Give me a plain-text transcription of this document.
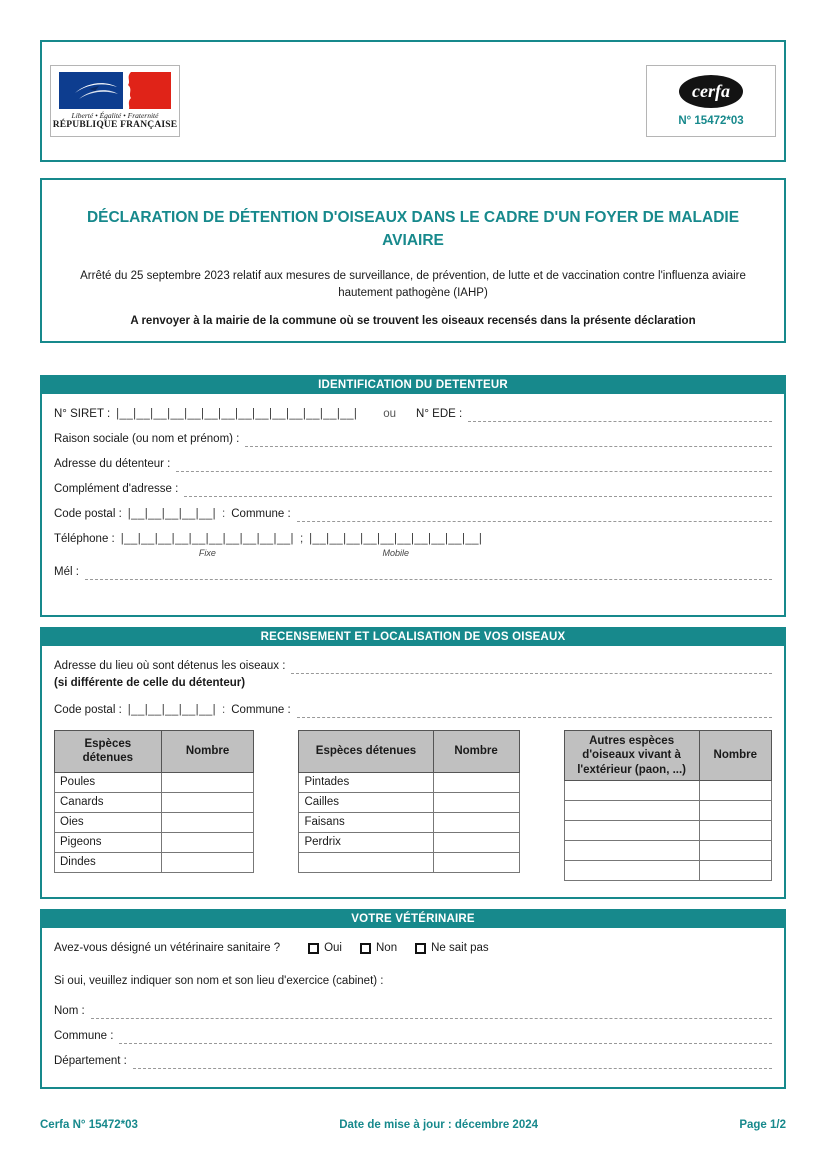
Liberté • Égalité • Fraternité
RÉPUBLIQUE FRANÇAISE
cerfa
N° 15472*03
DÉCLARATION DE DÉTENTION D'OISEAUX DANS LE CADRE D'UN FOYER DE MALADIE AVIAIRE
Arrêté du 25 septembre 2023 relatif aux mesures de surveillance, de prévention, de lutte et de vaccination contre l'influenza aviaire hautement pathogène (IAHP)
A renvoyer à la mairie de la commune où se trouvent les oiseaux recensés dans la présente déclaration
IDENTIFICATION DU DETENTEUR
N° SIRET : |__|__|__|__|__|__|__|__|__|__|__|__|__|__| ou N° EDE :
Raison sociale (ou nom et prénom) :
Adresse du détenteur :
Complément d'adresse :
Code postal : |__|__|__|__|__| : Commune :
Téléphone : |__|__|__|__|__|__|__|__|__|__|
Fixe
; |__|__|__|__|__|__|__|__|__|__|
Mobile
Mél :
RECENSEMENT ET LOCALISATION DE VOS OISEAUX
Adresse du lieu où sont détenus les oiseaux :
(si différente de celle du détenteur)
Code postal : |__|__|__|__|__| : Commune :
Espèces détenues	Nombre
Poules	
Canards	
Oies	
Pigeons	
Dindes	
Espèces détenues	Nombre
Pintades	
Cailles	
Faisans	
Perdrix	

Autres espèces d'oiseaux vivant à l'extérieur (paon, ...)	Nombre

VOTRE VÉTÉRINAIRE
Avez-vous désigné un vétérinaire sanitaire ?	Oui	Non	Ne sait pas
Si oui, veuillez indiquer son nom et son lieu d'exercice (cabinet) :
Nom :
Commune :
Département :
Cerfa N° 15472*03	Date de mise à jour : décembre 2024	Page 1/2
